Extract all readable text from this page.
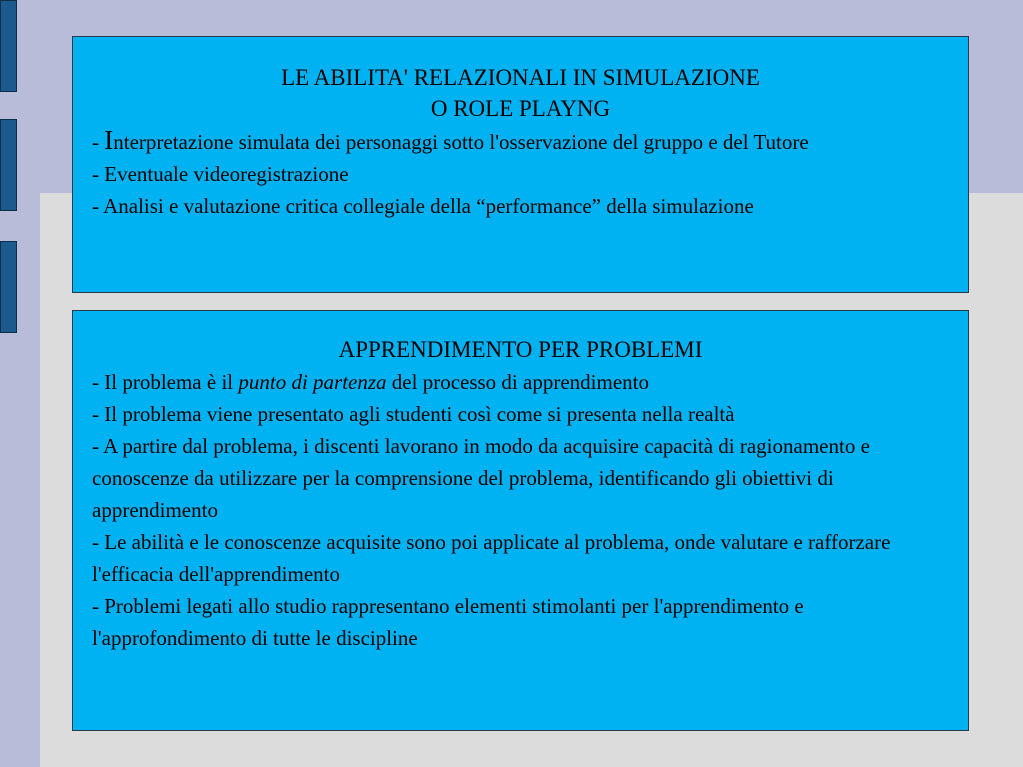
LE ABILITA' RELAZIONALI IN SIMULAZIONE
O ROLE PLAYNG

- Interpretazione simulata dei personaggi sotto l'osservazione del gruppo e del Tutore

- Eventuale videoregistrazione

- Analisi e valutazione critica collegiale della “performance” della simulazione

APPRENDIMENTO PER PROBLEMI

- Il problema è il punto di partenza del processo di apprendimento

- Il problema viene presentato agli studenti così come si presenta nella realtà

- A partire dal problema, i discenti lavorano in modo da acquisire capacità di ragionamento e conoscenze da utilizzare per la comprensione del problema, identificando gli obiettivi di apprendimento

- Le abilità e le conoscenze acquisite sono poi applicate al problema, onde valutare e rafforzare l'efficacia dell'apprendimento

- Problemi legati allo studio rappresentano elementi stimolanti per l'apprendimento e l'approfondimento di tutte le discipline
